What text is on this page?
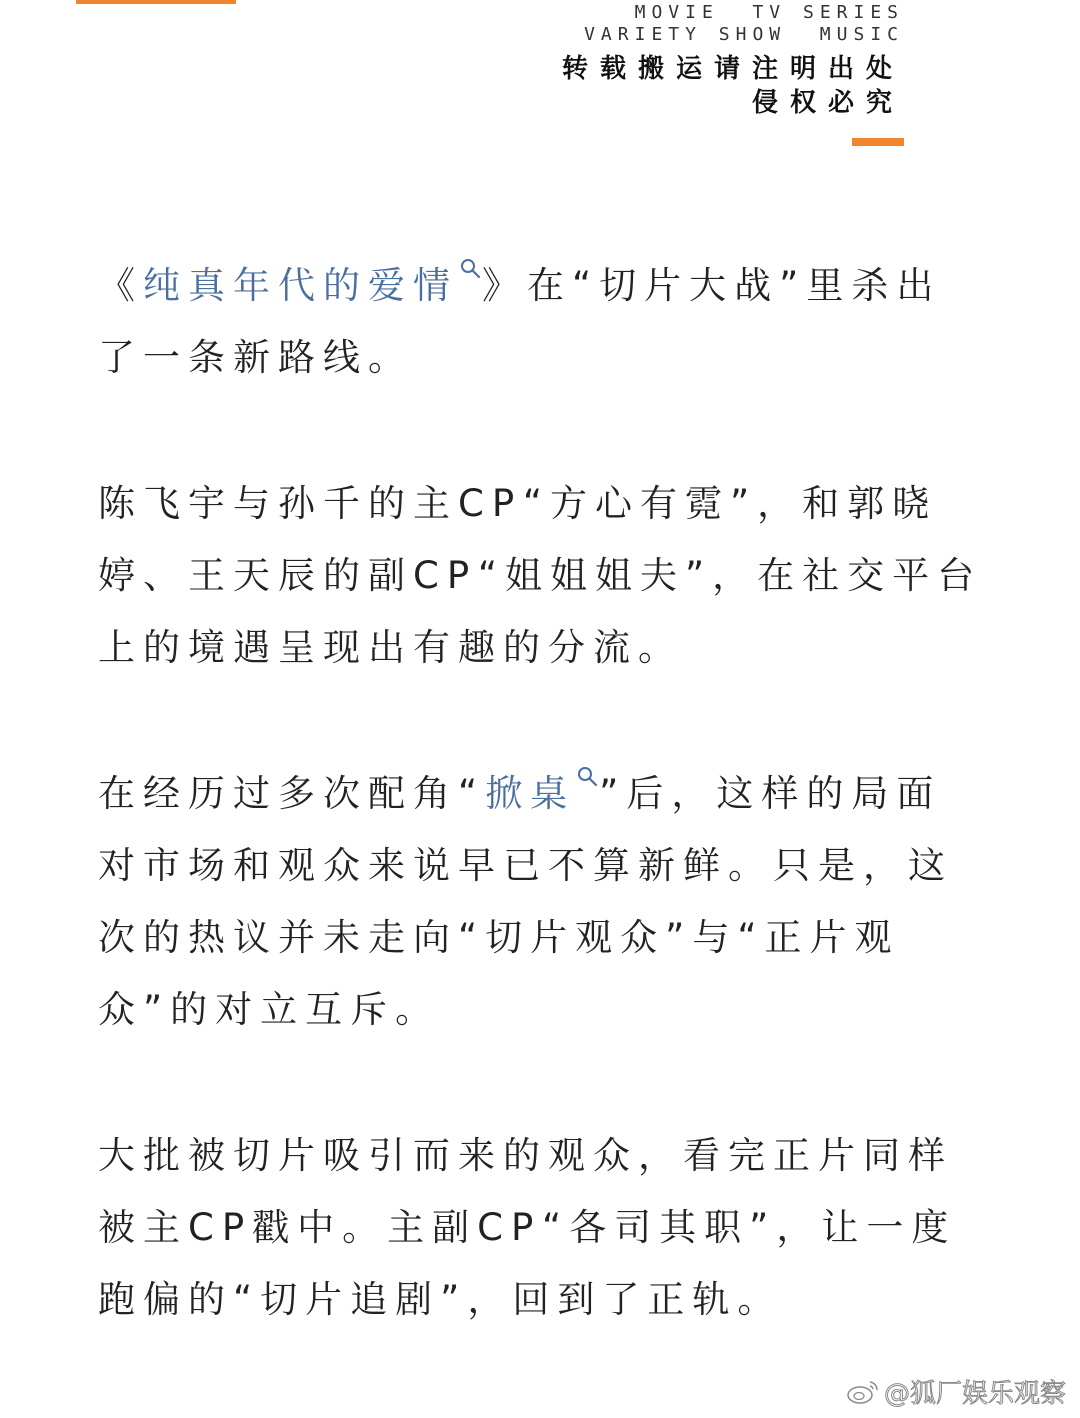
MOVIE  TV SERIES

VARIETY SHOW  MUSIC

转载搬运请注明出处

侵权必究

《纯真年代的爱情 》在“切片大战”里杀出了一条新路线。

陈飞宇与孙千的主CP“方心有霓”，和郭晓婷、王天辰的副CP“姐姐姐夫”，在社交平台上的境遇呈现出有趣的分流。

在经历过多次配角“掀桌 ”后，这样的局面对市场和观众来说早已不算新鲜。只是，这次的热议并未走向“切片观众”与“正片观众”的对立互斥。

大批被切片吸引而来的观众，看完正片同样被主CP戳中。主副CP“各司其职”，让一度跑偏的“切片追剧”，回到了正轨。

@狐厂娱乐观察
